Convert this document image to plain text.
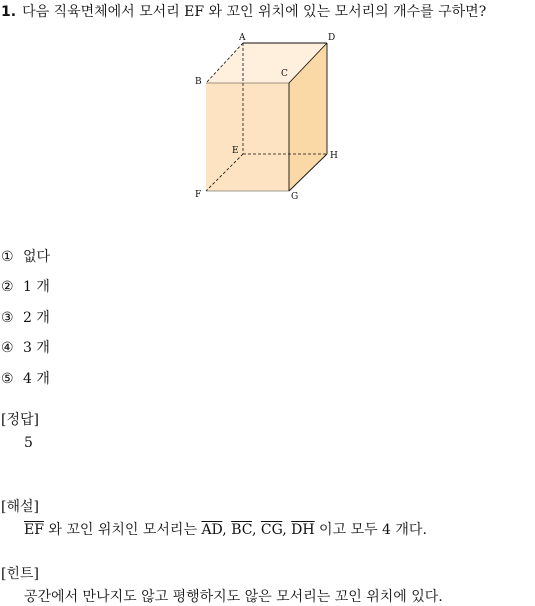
1. 다음 직육면체에서 모서리 EF 와 꼬인 위치에 있는 모서리의 개수를 구하면?
A
B
C
D
E
F	G
H
① 없다
② 1 개
③ 2 개
④ 3 개
⑤ 4 개
[정답]
5
[해설]
$\overline{EF}$ 와 꼬인 위치인 모서리는 $\overline{AD}$, $\overline{BC}$, $\overline{CG}$, $\overline{DH}$ 이고 모두 4 개다.
[힌트]
공간에서 만나지도 않고 평행하지도 않은 모서리는 꼬인 위치에 있다.
